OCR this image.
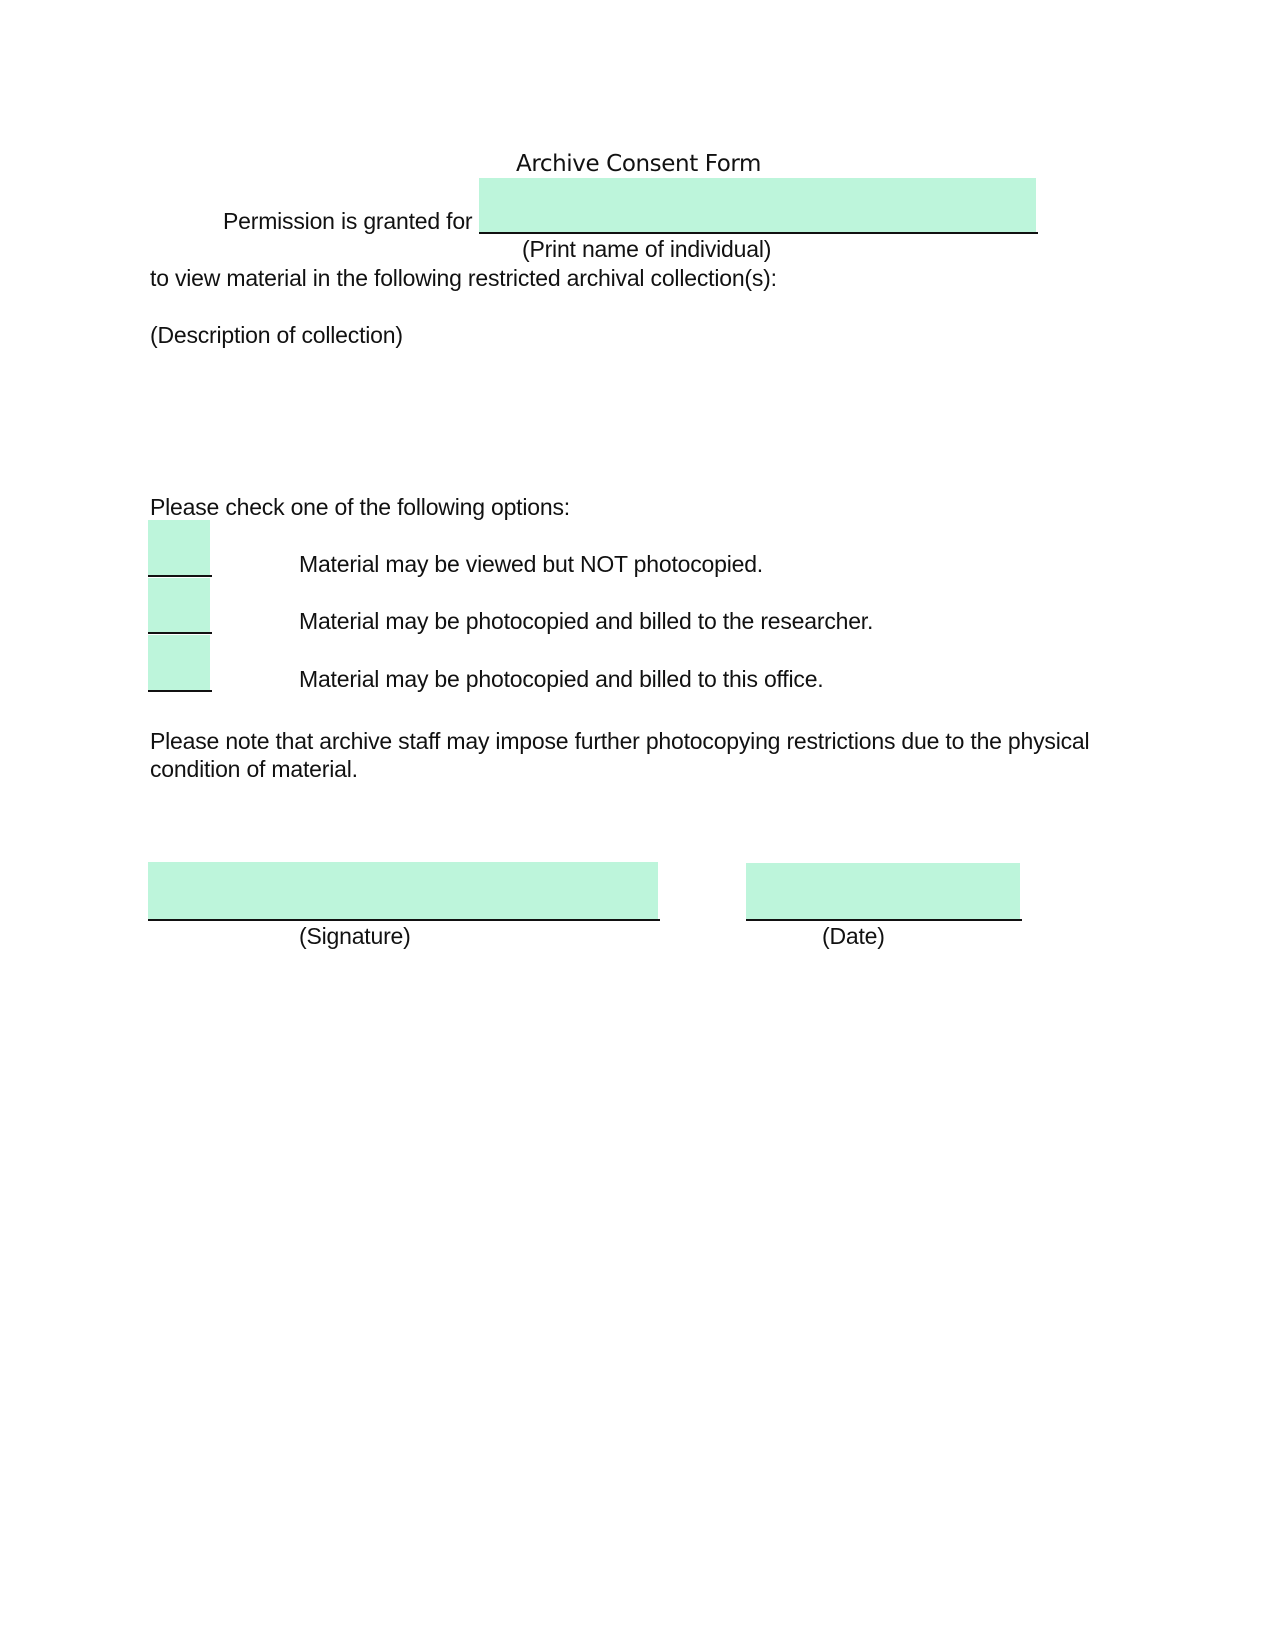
Archive Consent Form
Permission is granted for
(Print name of individual)
to view material in the following restricted archival collection(s):
(Description of collection)
Please check one of the following options:
Material may be viewed but NOT photocopied.
Material may be photocopied and billed to the researcher.
Material may be photocopied and billed to this office.
Please note that archive staff may impose further photocopying restrictions due to the physical condition of material.
(Signature)	(Date)
